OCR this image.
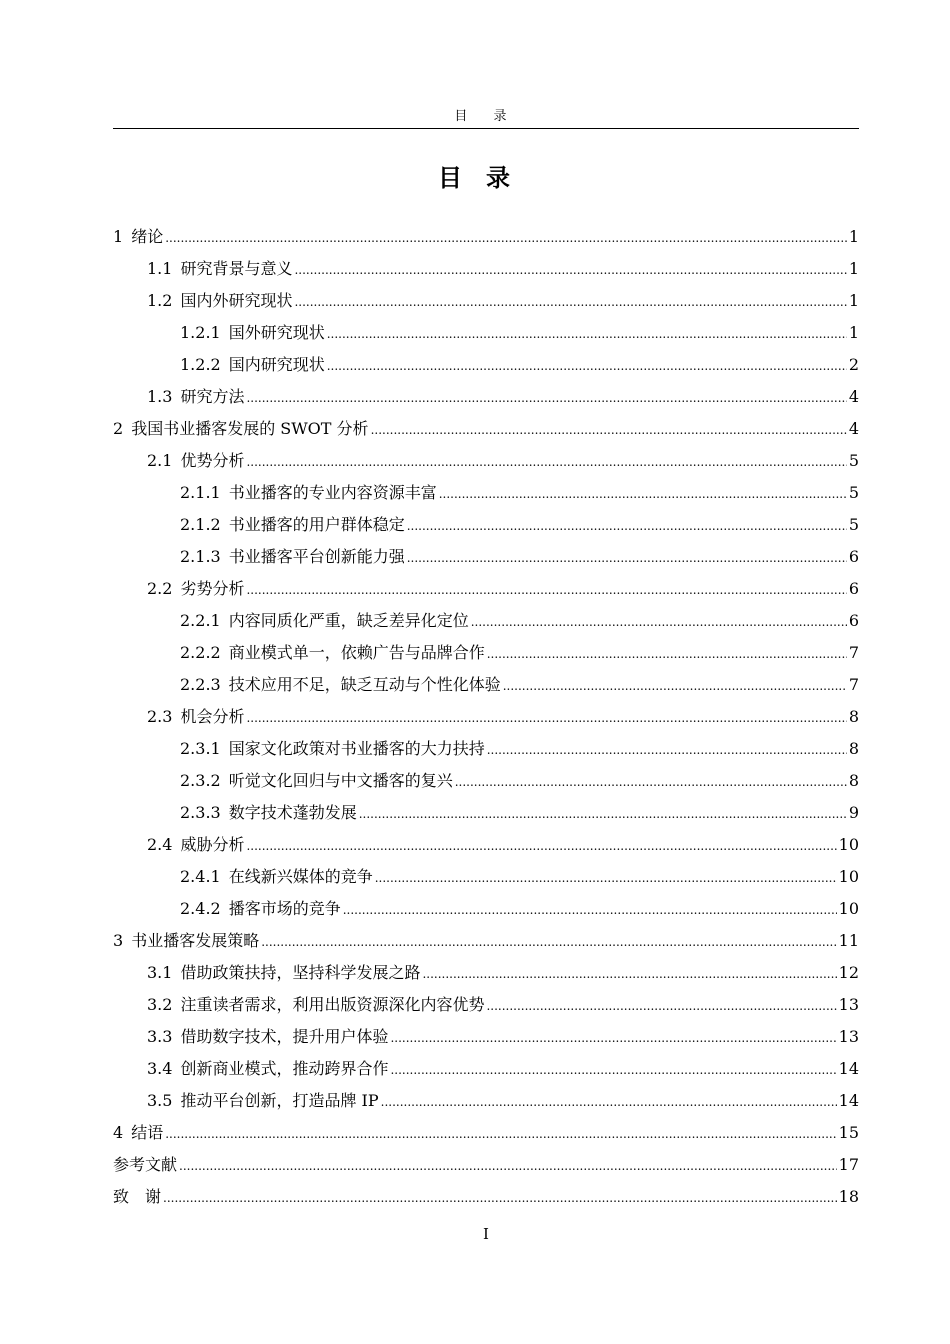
目 录
目录
1 绪论 .....	1
1.1 研究背景与意义 .....	1
1.2 国内外研究现状 .....	1
1.2.1 国外研究现状 .....	1
1.2.2 国内研究现状 .....	2
1.3 研究方法 .....	4
2 我国书业播客发展的 SWOT 分析 .....	4
2.1 优势分析 .....	5
2.1.1 书业播客的专业内容资源丰富 .....	5
2.1.2 书业播客的用户群体稳定 .....	5
2.1.3 书业播客平台创新能力强 .....	6
2.2 劣势分析 .....	6
2.2.1 内容同质化严重，缺乏差异化定位 .....	6
2.2.2 商业模式单一，依赖广告与品牌合作 .....	7
2.2.3 技术应用不足，缺乏互动与个性化体验 .....	7
2.3 机会分析 .....	8
2.3.1 国家文化政策对书业播客的大力扶持 .....	8
2.3.2 听觉文化回归与中文播客的复兴 .....	8
2.3.3 数字技术蓬勃发展 .....	9
2.4 威胁分析 .....	10
2.4.1 在线新兴媒体的竞争 .....	10
2.4.2 播客市场的竞争 .....	10
3 书业播客发展策略 .....	11
3.1 借助政策扶持，坚持科学发展之路 .....	12
3.2 注重读者需求，利用出版资源深化内容优势 .....	13
3.3 借助数字技术，提升用户体验 .....	13
3.4 创新商业模式，推动跨界合作 .....	14
3.5 推动平台创新，打造品牌 IP .....	14
4 结语 .....	15
参考文献 .....	17
致　谢 .....	18
I
